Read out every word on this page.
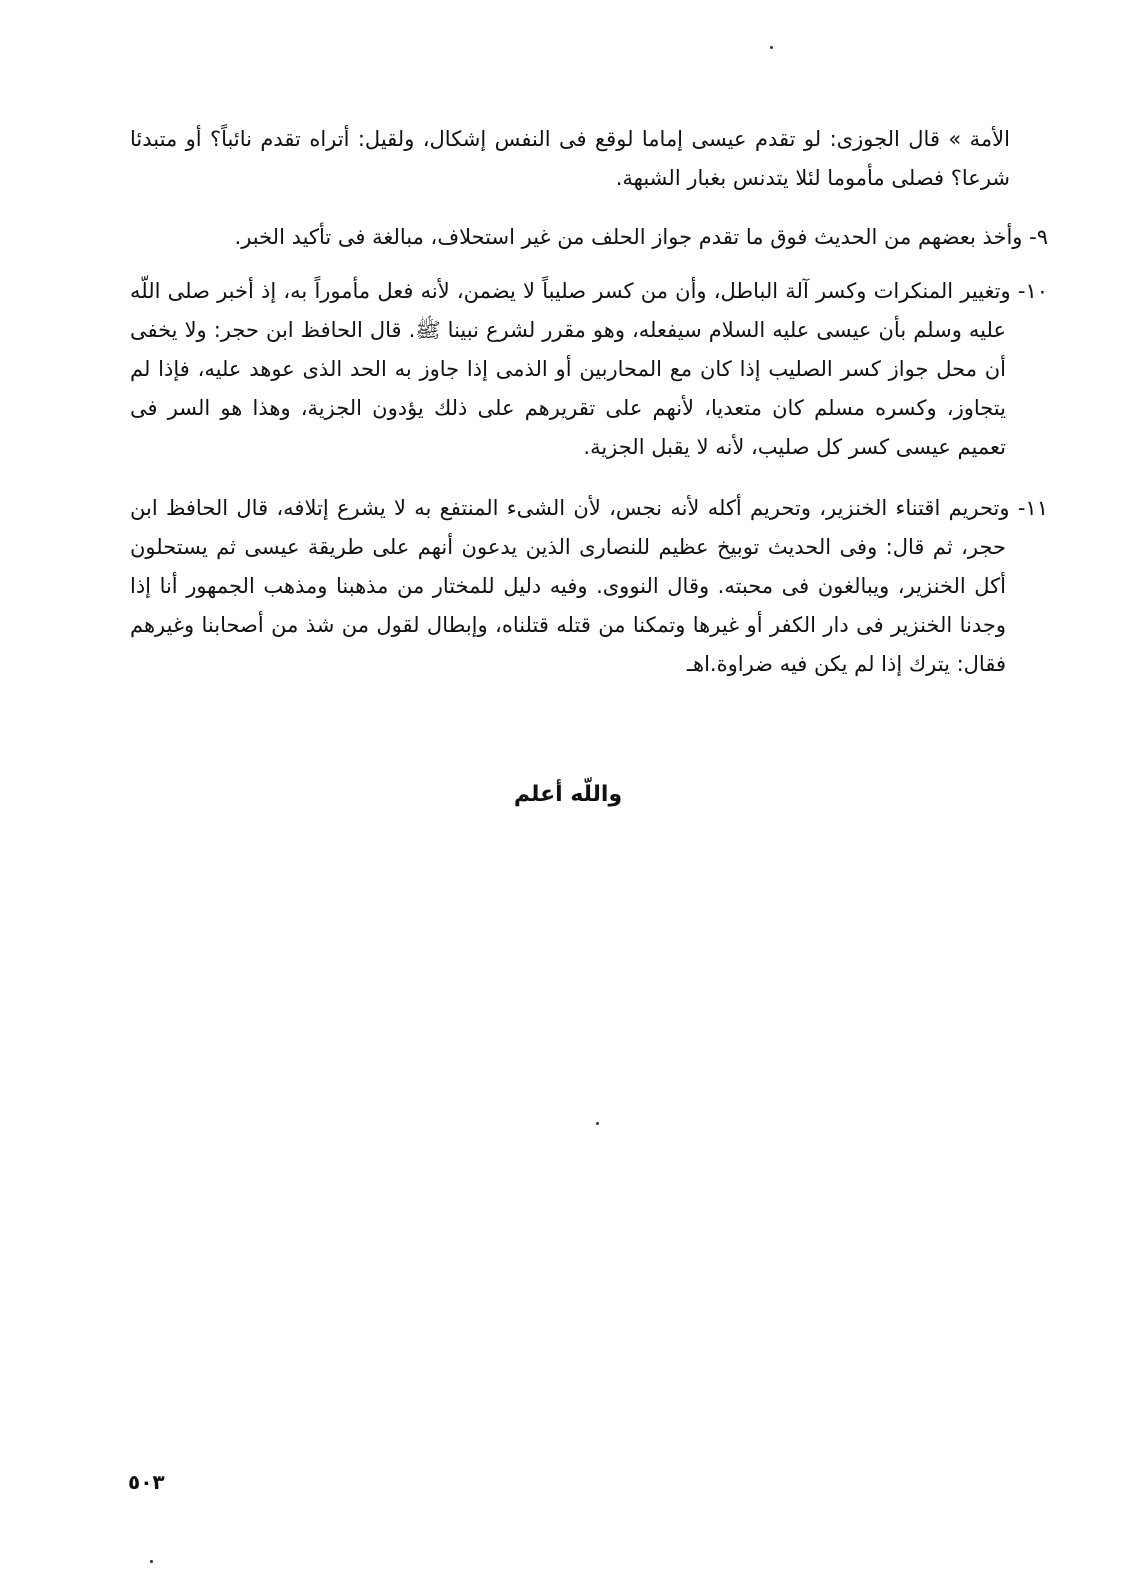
الأمة » قال الجوزى: لو تقدم عيسى إماما لوقع فى النفس إشكال، ولقيل: أتراه تقدم نائباً؟ أو متبدئا شرعا؟ فصلى مأموما لئلا يتدنس بغبار الشبهة.
٩- وأخذ بعضهم من الحديث فوق ما تقدم جواز الحلف من غير استحلاف، مبالغة فى تأكيد الخبر.
١٠- وتغيير المنكرات وكسر آلة الباطل، وأن من كسر صليباً لا يضمن، لأنه فعل مأموراً به، إذ أخبر صلى اللّه عليه وسلم بأن عيسى عليه السلام سيفعله، وهو مقرر لشرع نبينا ﷺ. قال الحافظ ابن حجر: ولا يخفى أن محل جواز كسر الصليب إذا كان مع المحاربين أو الذمى إذا جاوز به الحد الذى عوهد عليه، فإذا لم يتجاوز، وكسره مسلم كان متعديا، لأنهم على تقريرهم على ذلك يؤدون الجزية، وهذا هو السر فى تعميم عيسى كسر كل صليب، لأنه لا يقبل الجزية.
١١- وتحريم اقتناء الخنزير، وتحريم أكله لأنه نجس، لأن الشىء المنتفع به لا يشرع إتلافه، قال الحافظ ابن حجر، ثم قال: وفى الحديث توبيخ عظيم للنصارى الذين يدعون أنهم على طريقة عيسى ثم يستحلون أكل الخنزير، ويبالغون فى محبته. وقال النووى. وفيه دليل للمختار من مذهبنا ومذهب الجمهور أنا إذا وجدنا الخنزير فى دار الكفر أو غيرها وتمكنا من قتله قتلناه، وإبطال لقول من شذ من أصحابنا وغيرهم فقال: يترك إذا لم يكن فيه ضراوة.اهـ
واللّه أعلم
٥٠٣
